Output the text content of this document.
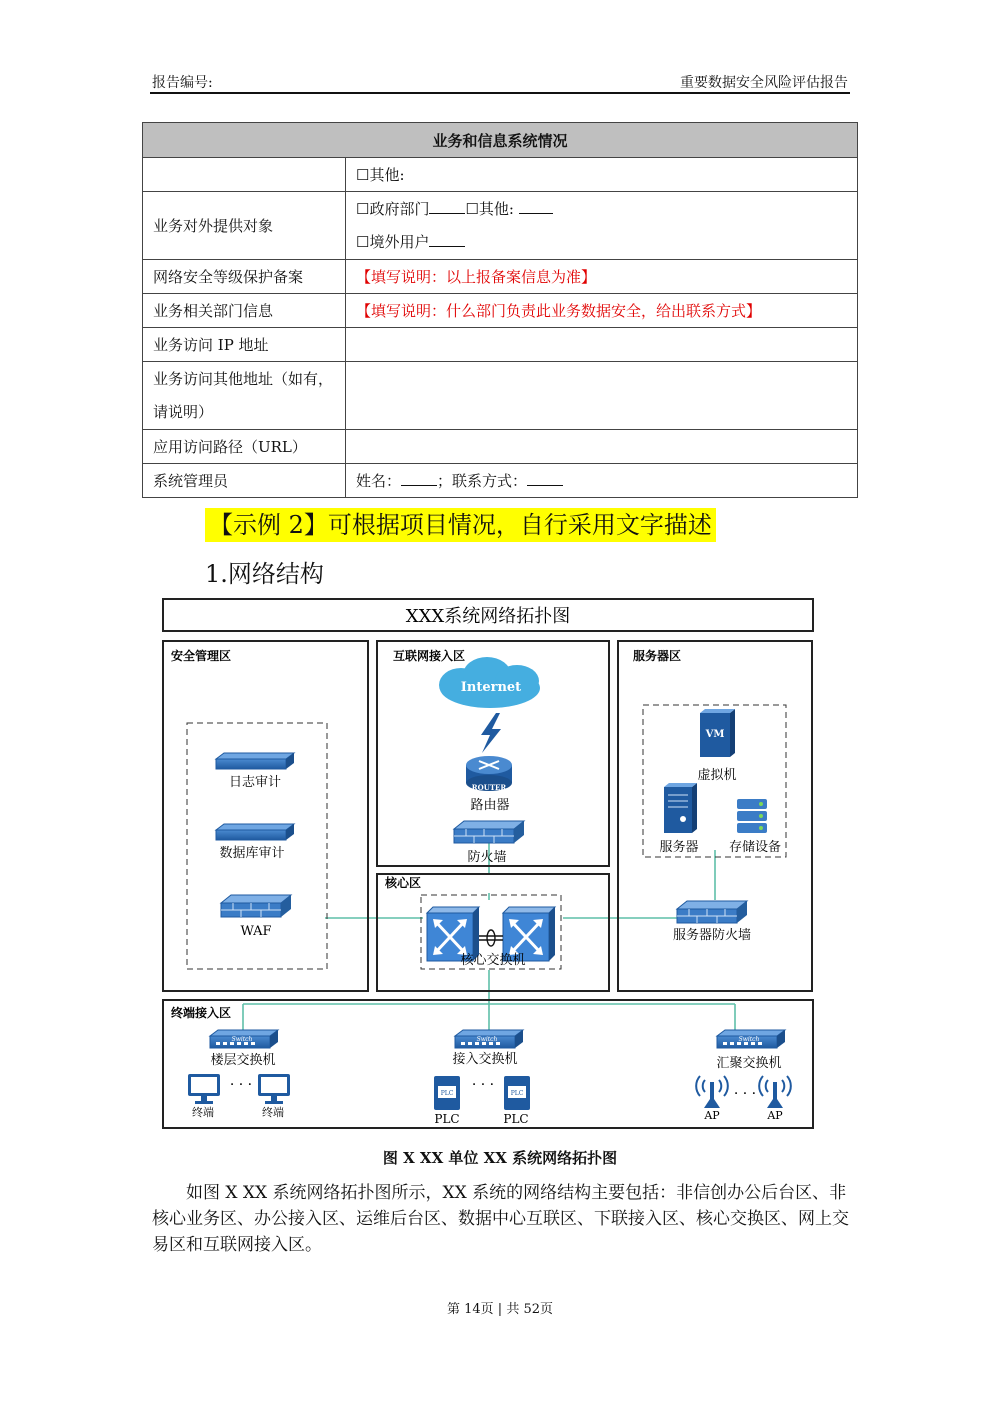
报告编号:	重要数据安全风险评估报告
业务和信息系统情况	
	☐其他:
业务对外提供对象	☐政府部门 ☐其他:
☐境外用户

网络安全等级保护备案	【填写说明：以上报备案信息为准】
业务相关部门信息	【填写说明：什么部门负责此业务数据安全，给出联系方式】
业务访问 IP 地址	
业务访问其他地址（如有，请说明）	
应用访问路径（URL）	
系统管理员	姓名： ；联系方式：
【示例 2】可根据项目情况，自行采用文字描述
1.网络结构
XXX系统网络拓扑图
安全管理区	互联网接入区	服务器区
核心区
终端接入区
日志审计
数据库审计
WAF
Internet
ROUTER
路由器
防火墙
VM
虚拟机
服务器 存储设备
服务器防火墙
核心交换机
Switch
楼层交换机
· · ·
终端	终端
Switch
接入交换机
PLC	PLC
· · ·
PLC	PLC
Switch
汇聚交换机
· · ·
AP	AP
图 X XX 单位 XX 系统网络拓扑图

如图 X XX 系统网络拓扑图所示，XX 系统的网络结构主要包括：非信创办公后台区、非核心业务区、办公接入区、运维后台区、数据中心互联区、下联接入区、核心交换区、网上交易区和互联网接入区。

第 14页 | 共 52页
